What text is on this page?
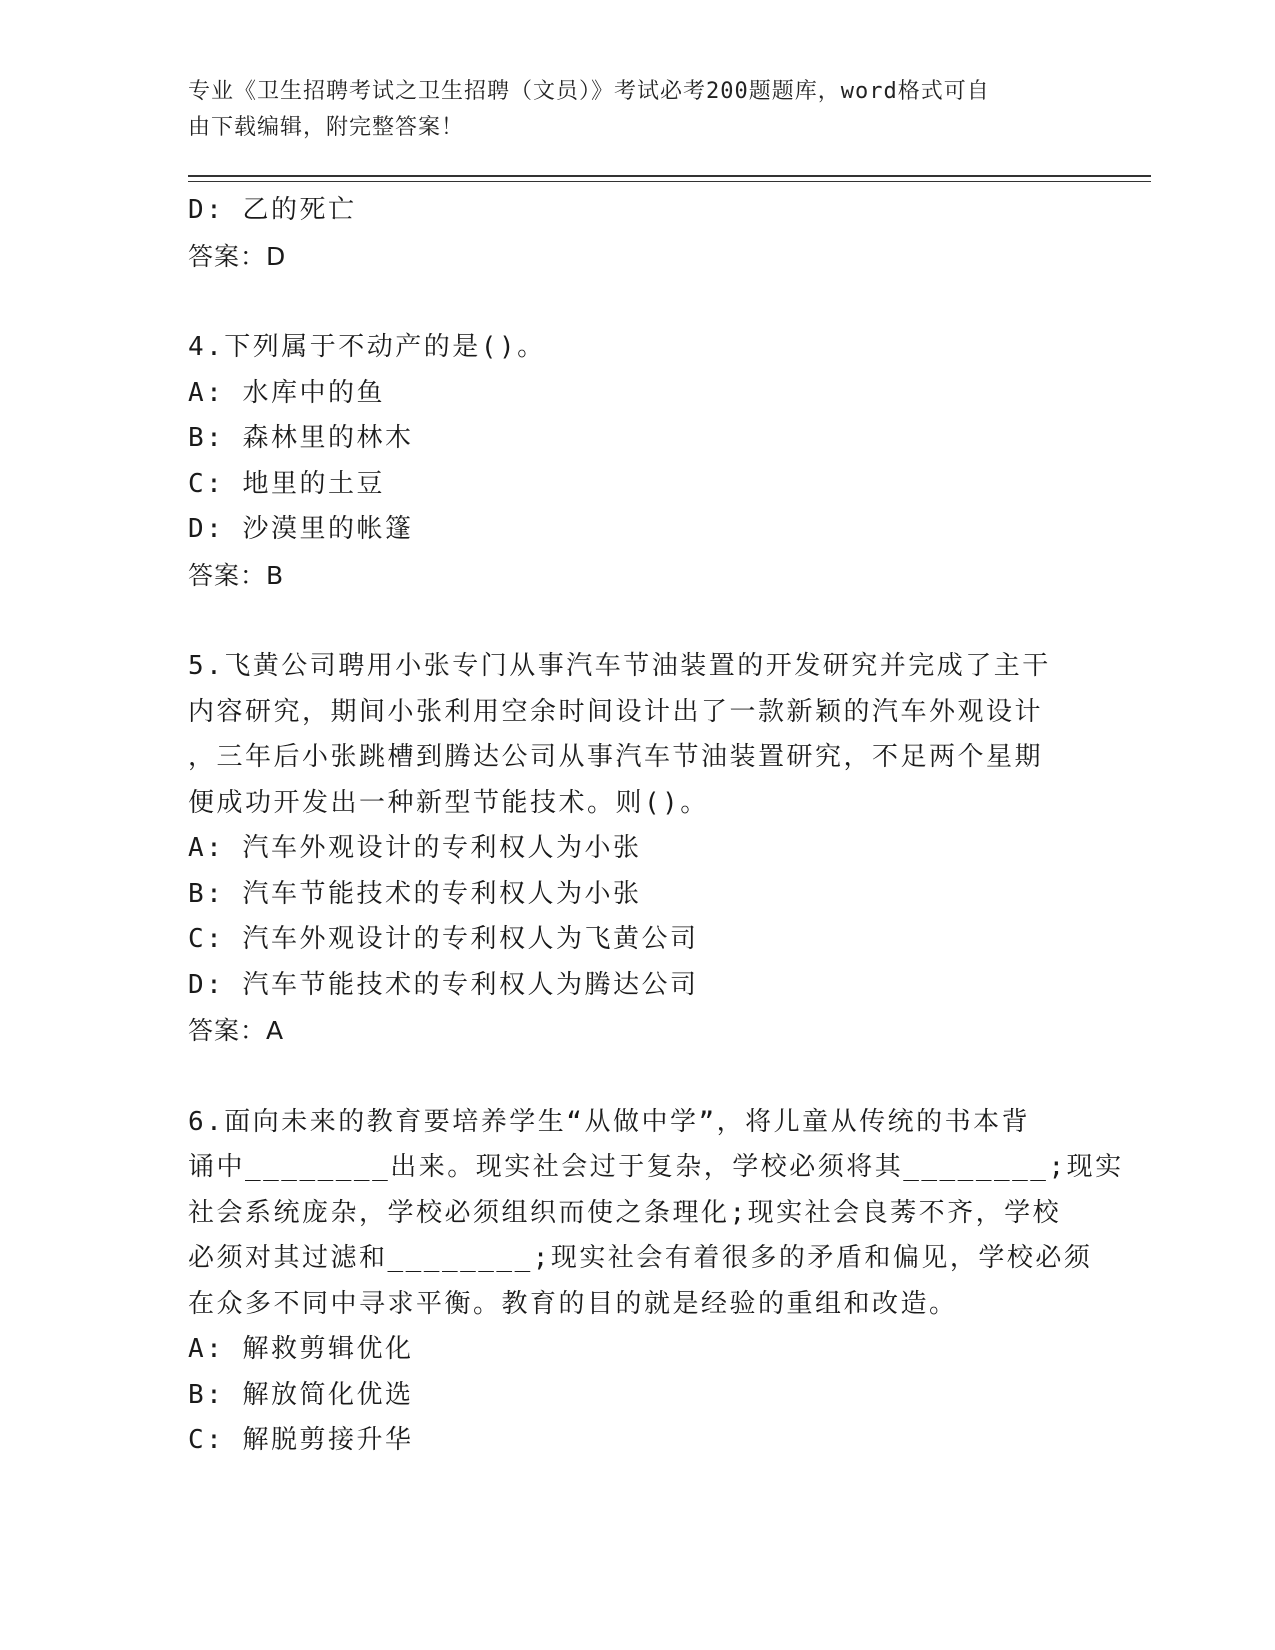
专业《卫生招聘考试之卫生招聘（文员）》考试必考200题题库，word格式可自
由下载编辑，附完整答案！
D: 乙的死亡
答案：D
4.下列属于不动产的是()。
A: 水库中的鱼
B: 森林里的林木
C: 地里的土豆
D: 沙漠里的帐篷
答案：B
5.飞黄公司聘用小张专门从事汽车节油装置的开发研究并完成了主干
内容研究，期间小张利用空余时间设计出了一款新颖的汽车外观设计
，三年后小张跳槽到腾达公司从事汽车节油装置研究，不足两个星期
便成功开发出一种新型节能技术。则()。
A: 汽车外观设计的专利权人为小张
B: 汽车节能技术的专利权人为小张
C: 汽车外观设计的专利权人为飞黄公司
D: 汽车节能技术的专利权人为腾达公司
答案：A
6.面向未来的教育要培养学生“从做中学”，将儿童从传统的书本背
诵中________出来。现实社会过于复杂，学校必须将其________;现实
社会系统庞杂，学校必须组织而使之条理化;现实社会良莠不齐，学校
必须对其过滤和________;现实社会有着很多的矛盾和偏见，学校必须
在众多不同中寻求平衡。教育的目的就是经验的重组和改造。
A: 解救剪辑优化
B: 解放简化优选
C: 解脱剪接升华
